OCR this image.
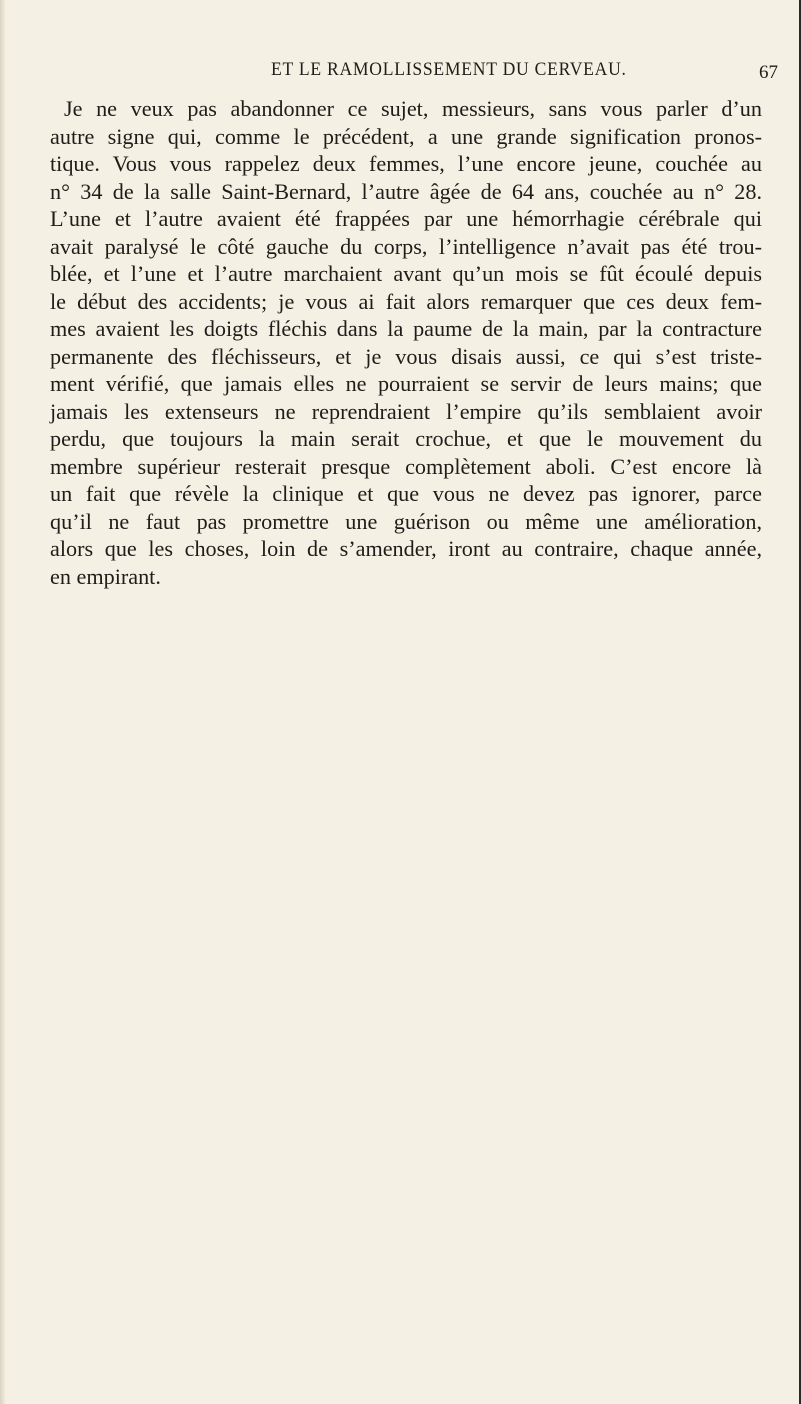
ET LE RAMOLLISSEMENT DU CERVEAU.	67
Je ne veux pas abandonner ce sujet, messieurs, sans vous parler d’un
autre signe qui, comme le précédent, a une grande signification pronos-
tique. Vous vous rappelez deux femmes, l’une encore jeune, couchée au
n° 34 de la salle Saint-Bernard, l’autre âgée de 64 ans, couchée au n° 28.
L’une et l’autre avaient été frappées par une hémorrhagie cérébrale qui
avait paralysé le côté gauche du corps, l’intelligence n’avait pas été trou-
blée, et l’une et l’autre marchaient avant qu’un mois se fût écoulé depuis
le début des accidents; je vous ai fait alors remarquer que ces deux fem-
mes avaient les doigts fléchis dans la paume de la main, par la contracture
permanente des fléchisseurs, et je vous disais aussi, ce qui s’est triste-
ment vérifié, que jamais elles ne pourraient se servir de leurs mains; que
jamais les extenseurs ne reprendraient l’empire qu’ils semblaient avoir
perdu, que toujours la main serait crochue, et que le mouvement du
membre supérieur resterait presque complètement aboli. C’est encore là
un fait que révèle la clinique et que vous ne devez pas ignorer, parce
qu’il ne faut pas promettre une guérison ou même une amélioration,
alors que les choses, loin de s’amender, iront au contraire, chaque année,
en empirant.
